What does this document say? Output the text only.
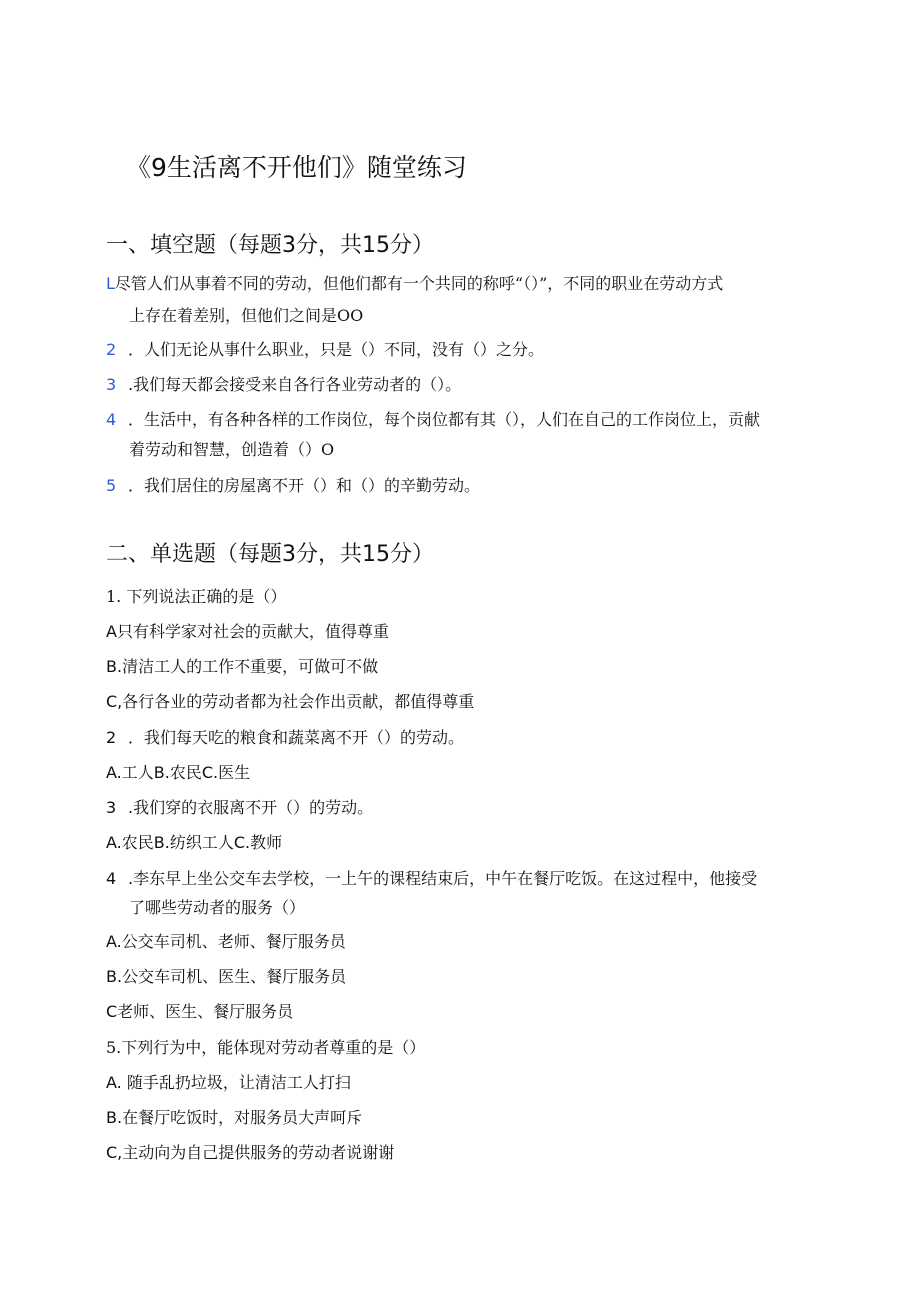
《9生活离不开他们》随堂练习
一、填空题（每题3分，共15分）
L尽管人们从事着不同的劳动，但他们都有一个共同的称呼“（）”，不同的职业在劳动方式
上存在着差别，但他们之间是OO
2 ．人们无论从事什么职业，只是（）不同，没有（）之分。
3 .我们每天都会接受来自各行各业劳动者的（）。
4 ．生活中，有各种各样的工作岗位，每个岗位都有其（），人们在自己的工作岗位上，贡献
着劳动和智慧，创造着（）O
5 ．我们居住的房屋离不开（）和（）的辛勤劳动。
二、单选题（每题3分，共15分）
1. 下列说法正确的是（）
A只有科学家对社会的贡献大，值得尊重
B.清洁工人的工作不重要，可做可不做
C,各行各业的劳动者都为社会作出贡献，都值得尊重
2 ．我们每天吃的粮食和蔬菜离不开（）的劳动。
A.工人B.农民C.医生
3 .我们穿的衣服离不开（）的劳动。
A.农民B.纺织工人C.教师
4 .李东早上坐公交车去学校，一上午的课程结束后，中午在餐厅吃饭。在这过程中，他接受
了哪些劳动者的服务（）
A.公交车司机、老师、餐厅服务员
B.公交车司机、医生、餐厅服务员
C老师、医生、餐厅服务员
5.下列行为中，能体现对劳动者尊重的是（）
A. 随手乱扔垃圾，让清洁工人打扫
B.在餐厅吃饭时，对服务员大声呵斥
C,主动向为自己提供服务的劳动者说谢谢
